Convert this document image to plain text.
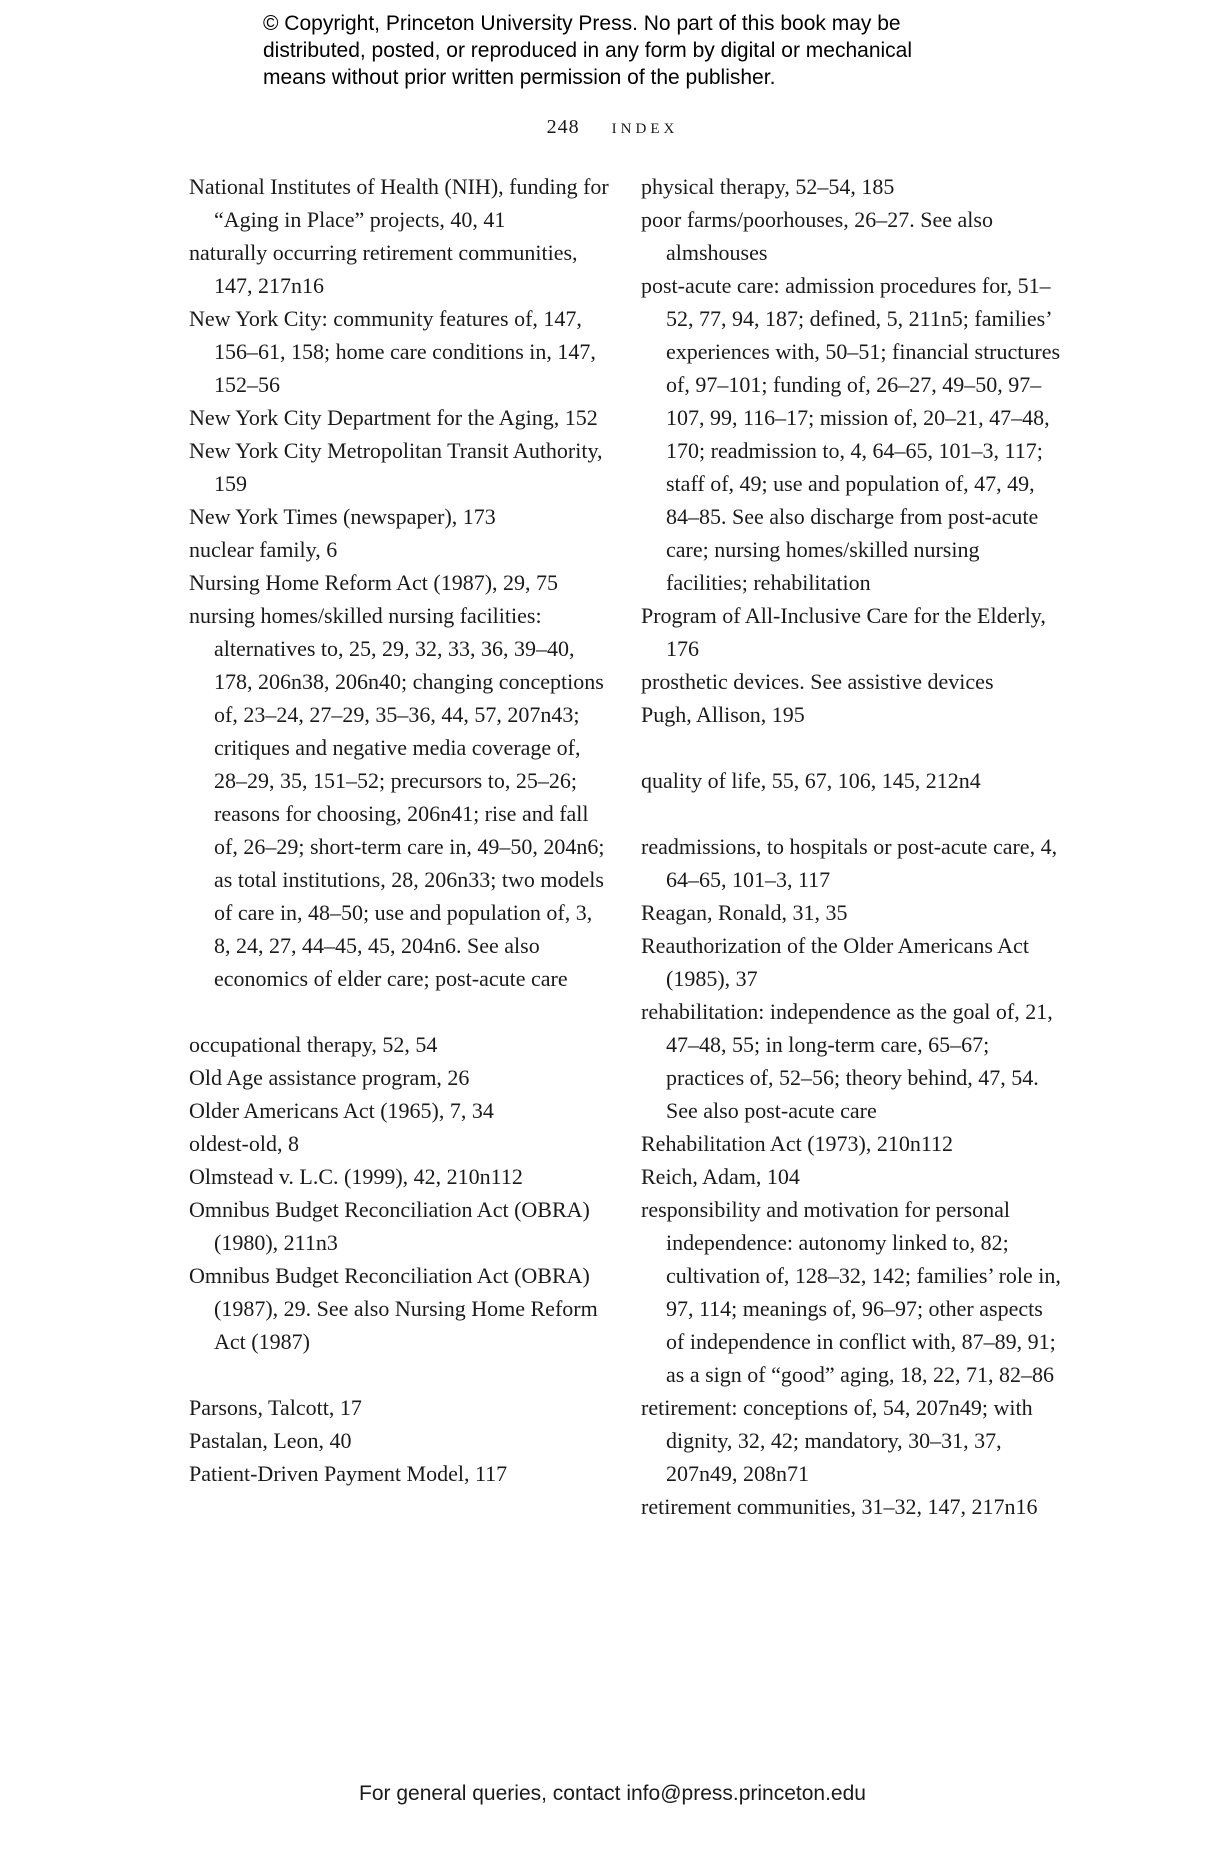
© Copyright, Princeton University Press. No part of this book may be
distributed, posted, or reproduced in any form by digital or mechanical
means without prior written permission of the publisher.
248 index
National Institutes of Health (NIH), funding for “Aging in Place” projects, 40, 41
naturally occurring retirement communities, 147, 217n16
New York City: community features of, 147, 156–61, 158; home care conditions in, 147, 152–56
New York City Department for the Aging, 152
New York City Metropolitan Transit Authority, 159
New York Times (newspaper), 173
nuclear family, 6
Nursing Home Reform Act (1987), 29, 75
nursing homes/skilled nursing facilities: alternatives to, 25, 29, 32, 33, 36, 39–40, 178, 206n38, 206n40; changing conceptions of, 23–24, 27–29, 35–36, 44, 57, 207n43; critiques and negative media coverage of, 28–29, 35, 151–52; precursors to, 25–26; reasons for choosing, 206n41; rise and fall of, 26–29; short-term care in, 49–50, 204n6; as total institutions, 28, 206n33; two models of care in, 48–50; use and population of, 3, 8, 24, 27, 44–45, 45, 204n6. See also economics of elder care; post-acute care
occupational therapy, 52, 54
Old Age assistance program, 26
Older Americans Act (1965), 7, 34
oldest-old, 8
Olmstead v. L.C. (1999), 42, 210n112
Omnibus Budget Reconciliation Act (OBRA) (1980), 211n3
Omnibus Budget Reconciliation Act (OBRA) (1987), 29. See also Nursing Home Reform Act (1987)
Parsons, Talcott, 17
Pastalan, Leon, 40
Patient-Driven Payment Model, 117
physical therapy, 52–54, 185
poor farms/poorhouses, 26–27. See also almshouses
post-acute care: admission procedures for, 51–52, 77, 94, 187; defined, 5, 211n5; families’ experiences with, 50–51; financial structures of, 97–101; funding of, 26–27, 49–50, 97–107, 99, 116–17; mission of, 20–21, 47–48, 170; readmission to, 4, 64–65, 101–3, 117; staff of, 49; use and population of, 47, 49, 84–85. See also discharge from post-acute care; nursing homes/skilled nursing facilities; rehabilitation
Program of All-Inclusive Care for the Elderly, 176
prosthetic devices. See assistive devices
Pugh, Allison, 195
quality of life, 55, 67, 106, 145, 212n4
readmissions, to hospitals or post-acute care, 4, 64–65, 101–3, 117
Reagan, Ronald, 31, 35
Reauthorization of the Older Americans Act (1985), 37
rehabilitation: independence as the goal of, 21, 47–48, 55; in long-term care, 65–67; practices of, 52–56; theory behind, 47, 54. See also post-acute care
Rehabilitation Act (1973), 210n112
Reich, Adam, 104
responsibility and motivation for personal independence: autonomy linked to, 82; cultivation of, 128–32, 142; families’ role in, 97, 114; meanings of, 96–97; other aspects of independence in conflict with, 87–89, 91; as a sign of “good” aging, 18, 22, 71, 82–86
retirement: conceptions of, 54, 207n49; with dignity, 32, 42; mandatory, 30–31, 37, 207n49, 208n71
retirement communities, 31–32, 147, 217n16
For general queries, contact info@press.princeton.edu
